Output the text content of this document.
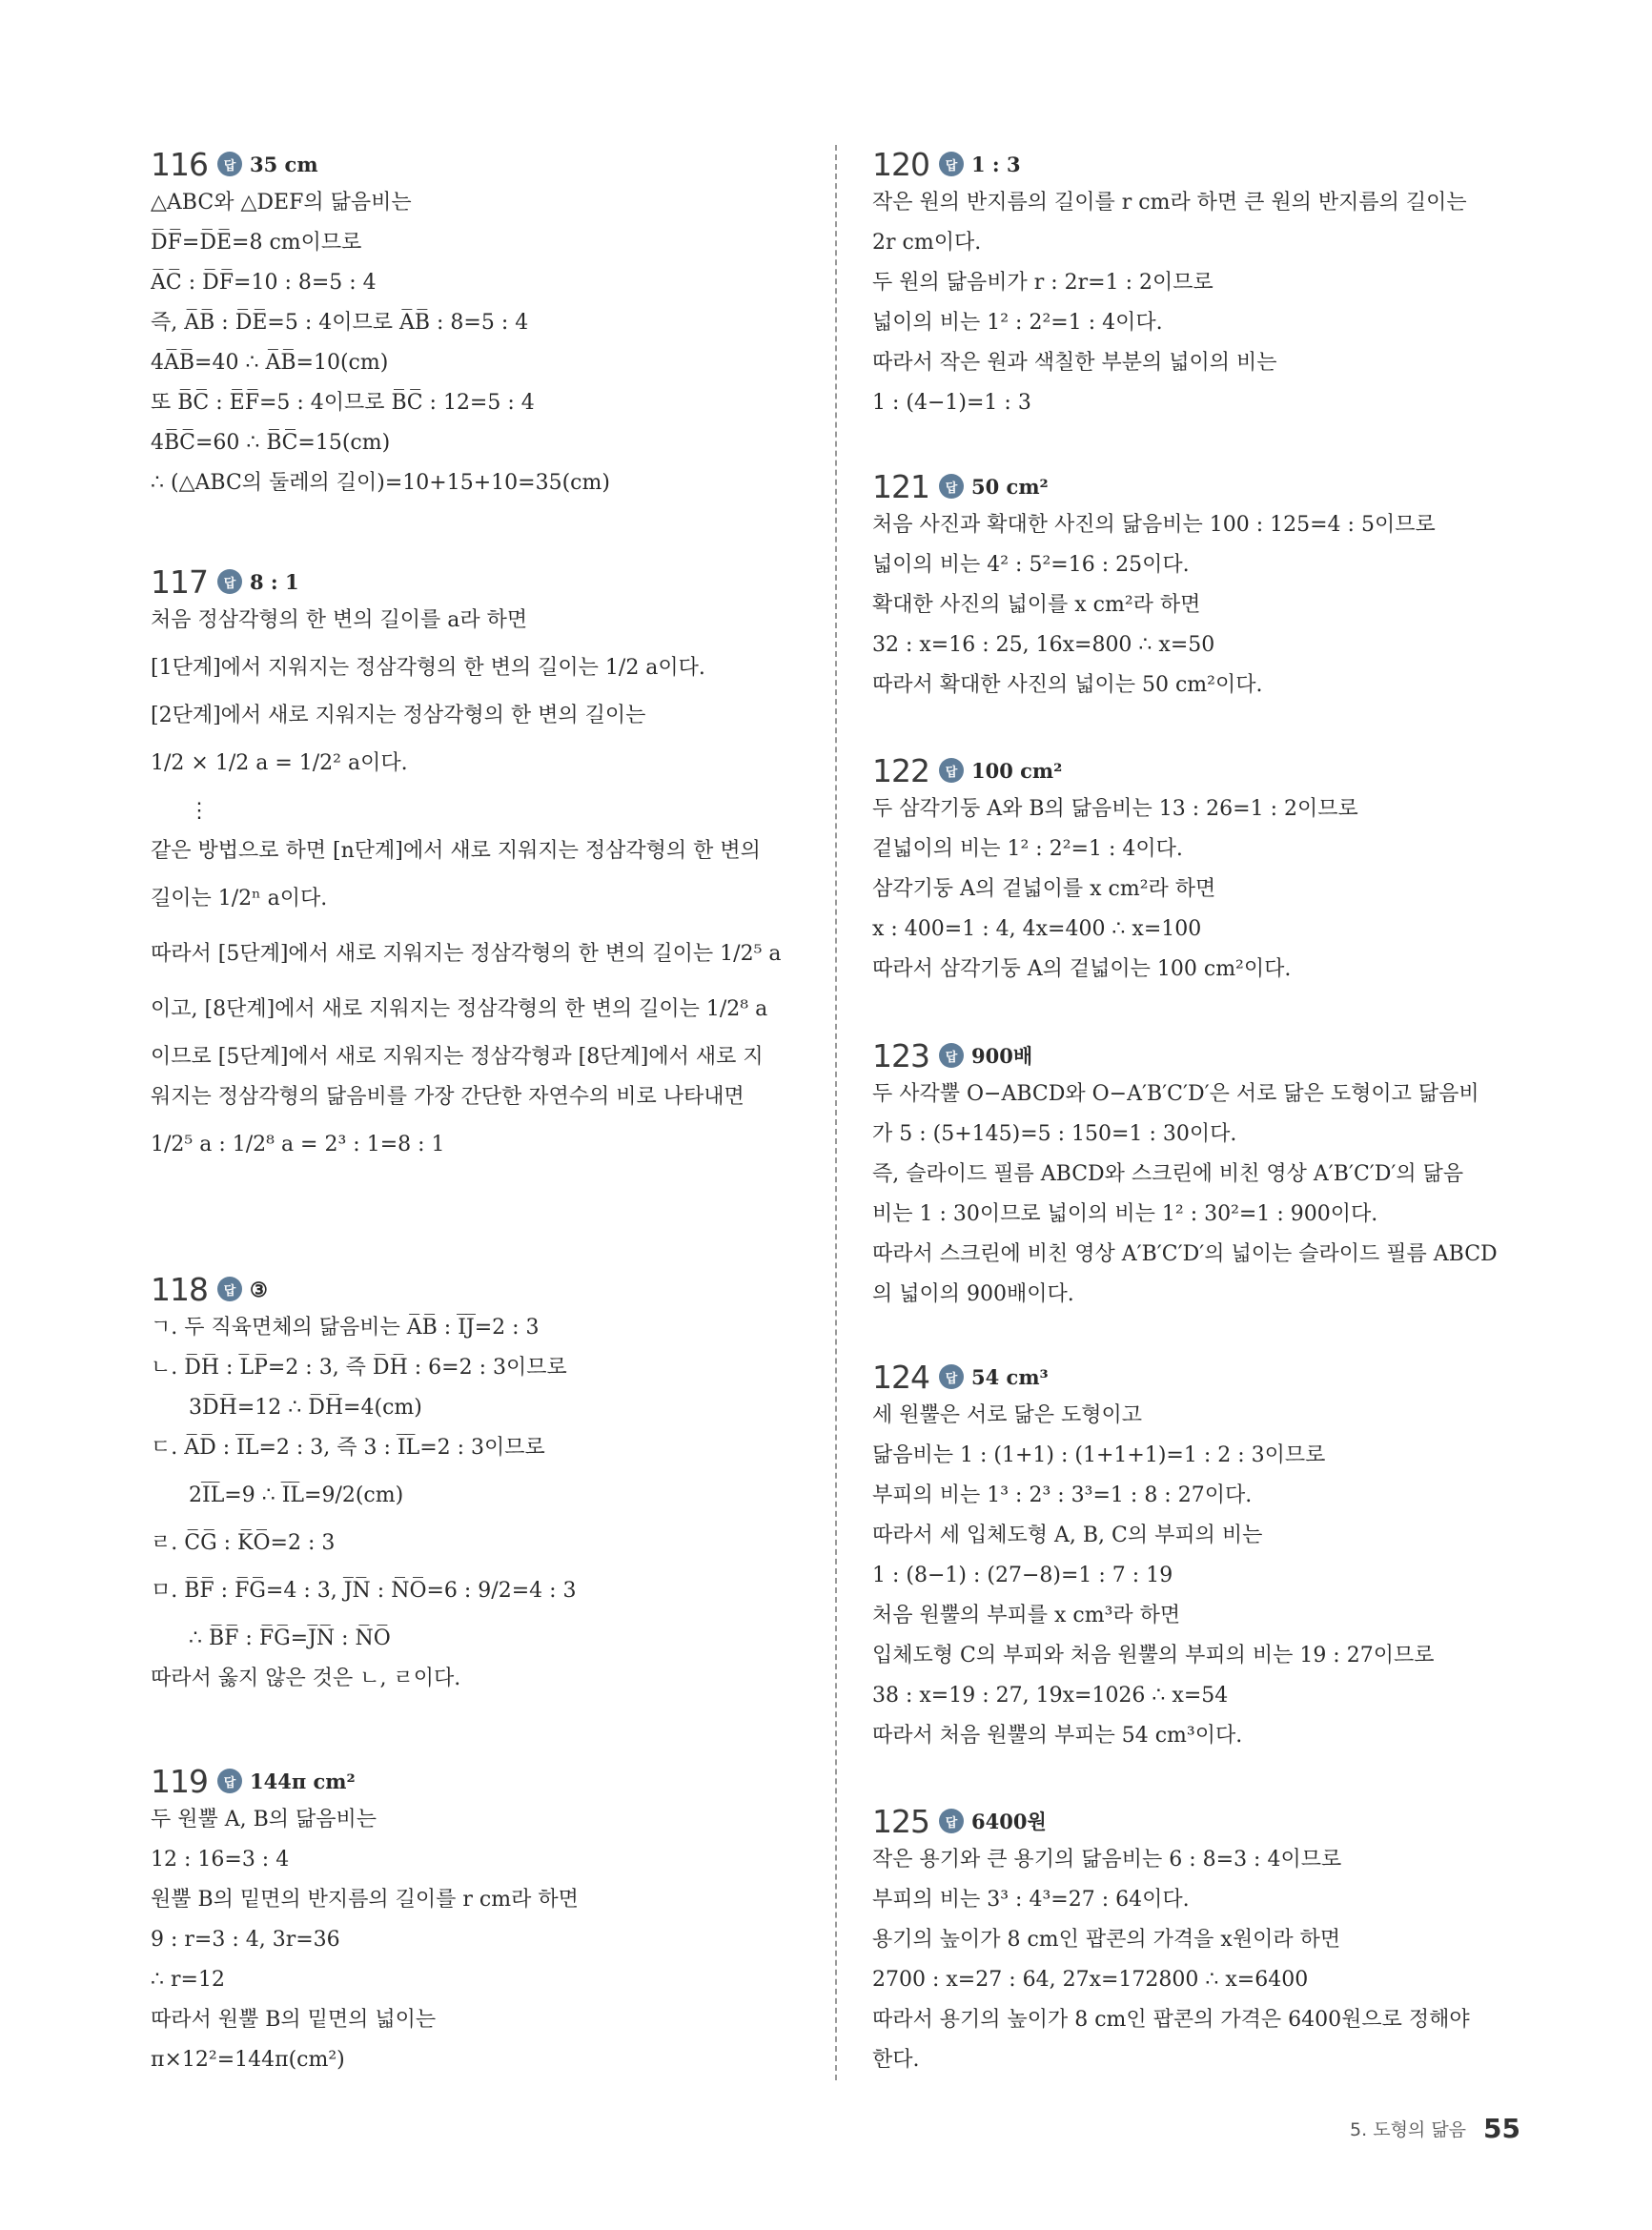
116	답 35 cm
△ABC와 △DEF의 닮음비는
D̅F̅=D̅E̅=8 cm이므로
A̅C̅ : D̅F̅=10 : 8=5 : 4
즉, A̅B̅ : D̅E̅=5 : 4이므로 A̅B̅ : 8=5 : 4
4A̅B̅=40 ∴ A̅B̅=10(cm)
또 B̅C̅ : E̅F̅=5 : 4이므로 B̅C̅ : 12=5 : 4
4B̅C̅=60 ∴ B̅C̅=15(cm)
∴ (△ABC의 둘레의 길이)=10+15+10=35(cm)
117	답 8 : 1
처음 정삼각형의 한 변의 길이를 a라 하면
[1단계]에서 지워지는 정삼각형의 한 변의 길이는 1/2 a이다.
[2단계]에서 새로 지워지는 정삼각형의 한 변의 길이는
1/2 × 1/2 a = 1/2² a이다.
⋮
같은 방법으로 하면 [n단계]에서 새로 지워지는 정삼각형의 한 변의
길이는 1/2ⁿ a이다.
따라서 [5단계]에서 새로 지워지는 정삼각형의 한 변의 길이는 1/2⁵ a
이고, [8단계]에서 새로 지워지는 정삼각형의 한 변의 길이는 1/2⁸ a
이므로 [5단계]에서 새로 지워지는 정삼각형과 [8단계]에서 새로 지
워지는 정삼각형의 닮음비를 가장 간단한 자연수의 비로 나타내면
1/2⁵ a : 1/2⁸ a = 2³ : 1=8 : 1
118	답 ③
ㄱ. 두 직육면체의 닮음비는 A̅B̅ : I̅J̅=2 : 3
ㄴ. D̅H̅ : L̅P̅=2 : 3, 즉 D̅H̅ : 6=2 : 3이므로
3D̅H̅=12 ∴ D̅H̅=4(cm)
ㄷ. A̅D̅ : I̅L̅=2 : 3, 즉 3 : I̅L̅=2 : 3이므로
2I̅L̅=9 ∴ I̅L̅=9/2(cm)
ㄹ. C̅G̅ : K̅O̅=2 : 3
ㅁ. B̅F̅ : F̅G̅=4 : 3, J̅N̅ : N̅O̅=6 : 9/2=4 : 3
∴ B̅F̅ : F̅G̅=J̅N̅ : N̅O̅
따라서 옳지 않은 것은 ㄴ, ㄹ이다.
119	답 144π cm²
두 원뿔 A, B의 닮음비는
12 : 16=3 : 4
원뿔 B의 밑면의 반지름의 길이를 r cm라 하면
9 : r=3 : 4, 3r=36
∴ r=12
따라서 원뿔 B의 밑면의 넓이는
π×12²=144π(cm²)
120	답 1 : 3
작은 원의 반지름의 길이를 r cm라 하면 큰 원의 반지름의 길이는
2r cm이다.
두 원의 닮음비가 r : 2r=1 : 2이므로
넓이의 비는 1² : 2²=1 : 4이다.
따라서 작은 원과 색칠한 부분의 넓이의 비는
1 : (4−1)=1 : 3
121	답 50 cm²
처음 사진과 확대한 사진의 닮음비는 100 : 125=4 : 5이므로
넓이의 비는 4² : 5²=16 : 25이다.
확대한 사진의 넓이를 x cm²라 하면
32 : x=16 : 25, 16x=800 ∴ x=50
따라서 확대한 사진의 넓이는 50 cm²이다.
122	답 100 cm²
두 삼각기둥 A와 B의 닮음비는 13 : 26=1 : 2이므로
겉넓이의 비는 1² : 2²=1 : 4이다.
삼각기둥 A의 겉넓이를 x cm²라 하면
x : 400=1 : 4, 4x=400 ∴ x=100
따라서 삼각기둥 A의 겉넓이는 100 cm²이다.
123	답 900배
두 사각뿔 O−ABCD와 O−A′B′C′D′은 서로 닮은 도형이고 닮음비
가 5 : (5+145)=5 : 150=1 : 30이다.
즉, 슬라이드 필름 ABCD와 스크린에 비친 영상 A′B′C′D′의 닮음
비는 1 : 30이므로 넓이의 비는 1² : 30²=1 : 900이다.
따라서 스크린에 비친 영상 A′B′C′D′의 넓이는 슬라이드 필름 ABCD
의 넓이의 900배이다.
124	답 54 cm³
세 원뿔은 서로 닮은 도형이고
닮음비는 1 : (1+1) : (1+1+1)=1 : 2 : 3이므로
부피의 비는 1³ : 2³ : 3³=1 : 8 : 27이다.
따라서 세 입체도형 A, B, C의 부피의 비는
1 : (8−1) : (27−8)=1 : 7 : 19
처음 원뿔의 부피를 x cm³라 하면
입체도형 C의 부피와 처음 원뿔의 부피의 비는 19 : 27이므로
38 : x=19 : 27, 19x=1026 ∴ x=54
따라서 처음 원뿔의 부피는 54 cm³이다.
125	답 6400원
작은 용기와 큰 용기의 닮음비는 6 : 8=3 : 4이므로
부피의 비는 3³ : 4³=27 : 64이다.
용기의 높이가 8 cm인 팝콘의 가격을 x원이라 하면
2700 : x=27 : 64, 27x=172800 ∴ x=6400
따라서 용기의 높이가 8 cm인 팝콘의 가격은 6400원으로 정해야
한다.
5. 도형의 닮음 55
